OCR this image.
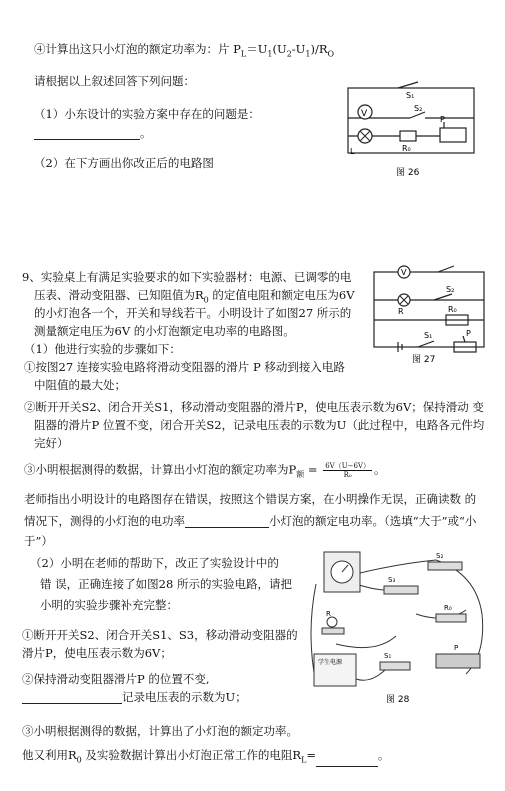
④计算出这只小灯泡的额定功率为：片 $P_L=U_1(U_2-U_1)/R_O$
请根据以上叙述回答下列问题：
（1）小东设计的实验方案中存在的问题是：
。
（2）在下方画出你改正后的电路图
V
S₁
S₂
P
L	R₀
图 26
9、实验桌上有满足实验要求的如下实验器材：电源、已调零的电
压表、滑动变阻器、已知阻值为$R_0$ 的定值电阻和额定电压为6V
的小灯泡各一个，开关和导线若干。小明设计了如图27 所示的
测量额定电压为6V 的小灯泡额定电功率的电路图。
（1）他进行实验的步骤如下：
①按图27 连接实验电路将滑动变阻器的滑片 P 移动到接入电路
中阻值的最大处；
②断开开关S2、闭合开关S1，移动滑动变阻器的滑片P，使电压表示数为6V；保持滑动 变
阻器的滑片P 位置不变，闭合开关S2，记录电压表的示数为U（此过程中，电路各元件均
完好）
③小明根据测得的数据，计算出小灯泡的额定功率为$P_额 = \frac{6V(U-6V)}{\text{R₀}}$ 。
老师指出小明设计的电路图存在错误，按照这个错误方案，在小明操作无误，正确读数 的
情况下，测得的小灯泡的电功率	小灯泡的额定电功率。（选填“大于”或“小
于”）
（2）小明在老师的帮助下，改正了实验设计中的
错 误，正确连接了如图28 所示的实验电路，请把
小明的实验步骤补充完整：
①断开开关S2、闭合开关S1、S3，移动滑动变阻器的
滑片P，使电压表示数为6V；
②保持滑动变阻器滑片P 的位置不变,
记录电压表的示数为U；
③小明根据测得的数据，计算出了小灯泡的额定功率。
他又利用$R_0$ 及实验数据计算出小灯泡正常工作的电阻$R_L=$	。
V
S₂
R	R₀
S₁	P
图 27
S₂
S₃
R
R₀
学生电源
S₁
P
图 28
